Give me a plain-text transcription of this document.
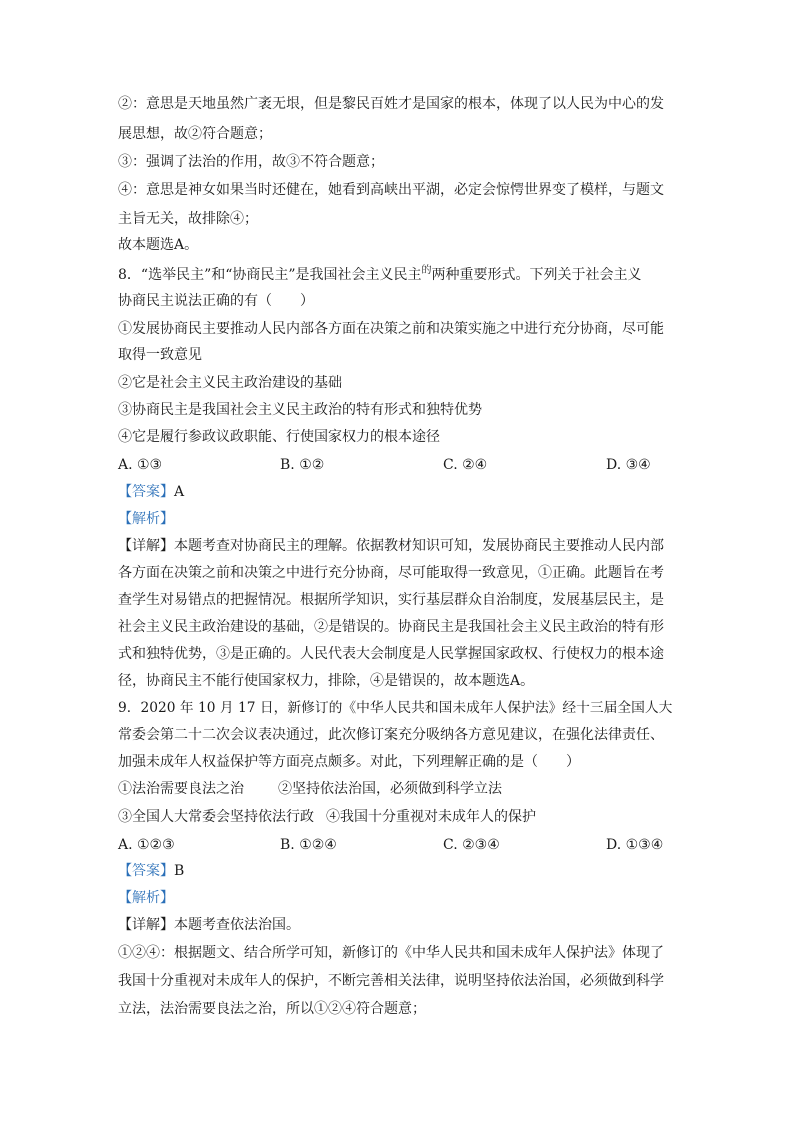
②：意思是天地虽然广袤无垠，但是黎民百姓才是国家的根本，体现了以人民为中心的发

展思想，故②符合题意；

③：强调了法治的作用，故③不符合题意；

④：意思是神女如果当时还健在，她看到高峡出平湖，必定会惊愕世界变了模样，与题文

主旨无关，故排除④；

故本题选A。

8．“选举民主”和“协商民主”是我国社会主义民主$^的$两种重要形式。下列关于社会主义

协商民主说法正确的有（　　）

①发展协商民主要推动人民内部各方面在决策之前和决策实施之中进行充分协商，尽可能

取得一致意见

②它是社会主义民主政治建设的基础

③协商民主是我国社会主义民主政治的特有形式和独特优势

④它是履行参政议政职能、行使国家权力的根本途径

A. ①③	B. ①②	C. ②④	D. ③④

【答案】A

【解析】

【详解】本题考查对协商民主的理解。依据教材知识可知，发展协商民主要推动人民内部

各方面在决策之前和决策之中进行充分协商，尽可能取得一致意见，①正确。此题旨在考

查学生对易错点的把握情况。根据所学知识，实行基层群众自治制度，发展基层民主，是

社会主义民主政治建设的基础，②是错误的。协商民主是我国社会主义民主政治的特有形

式和独特优势，③是正确的。人民代表大会制度是人民掌握国家政权、行使权力的根本途

径，协商民主不能行使国家权力，排除，④是错误的，故本题选A。

9．2020 年 10 月 17 日，新修订的《中华人民共和国未成年人保护法》经十三届全国人大

常委会第二十二次会议表决通过，此次修订案充分吸纳各方意见建议，在强化法律责任、

加强未成年人权益保护等方面亮点颇多。对此，下列理解正确的是（　　）

①法治需要良法之治 ②坚持依法治国，必须做到科学立法

③全国人大常委会坚持依法行政 ④我国十分重视对未成年人的保护

A. ①②③	B. ①②④	C. ②③④	D. ①③④

【答案】B

【解析】

【详解】本题考查依法治国。

①②④：根据题文、结合所学可知，新修订的《中华人民共和国未成年人保护法》体现了

我国十分重视对未成年人的保护，不断完善相关法律，说明坚持依法治国，必须做到科学

立法，法治需要良法之治，所以①②④符合题意；
